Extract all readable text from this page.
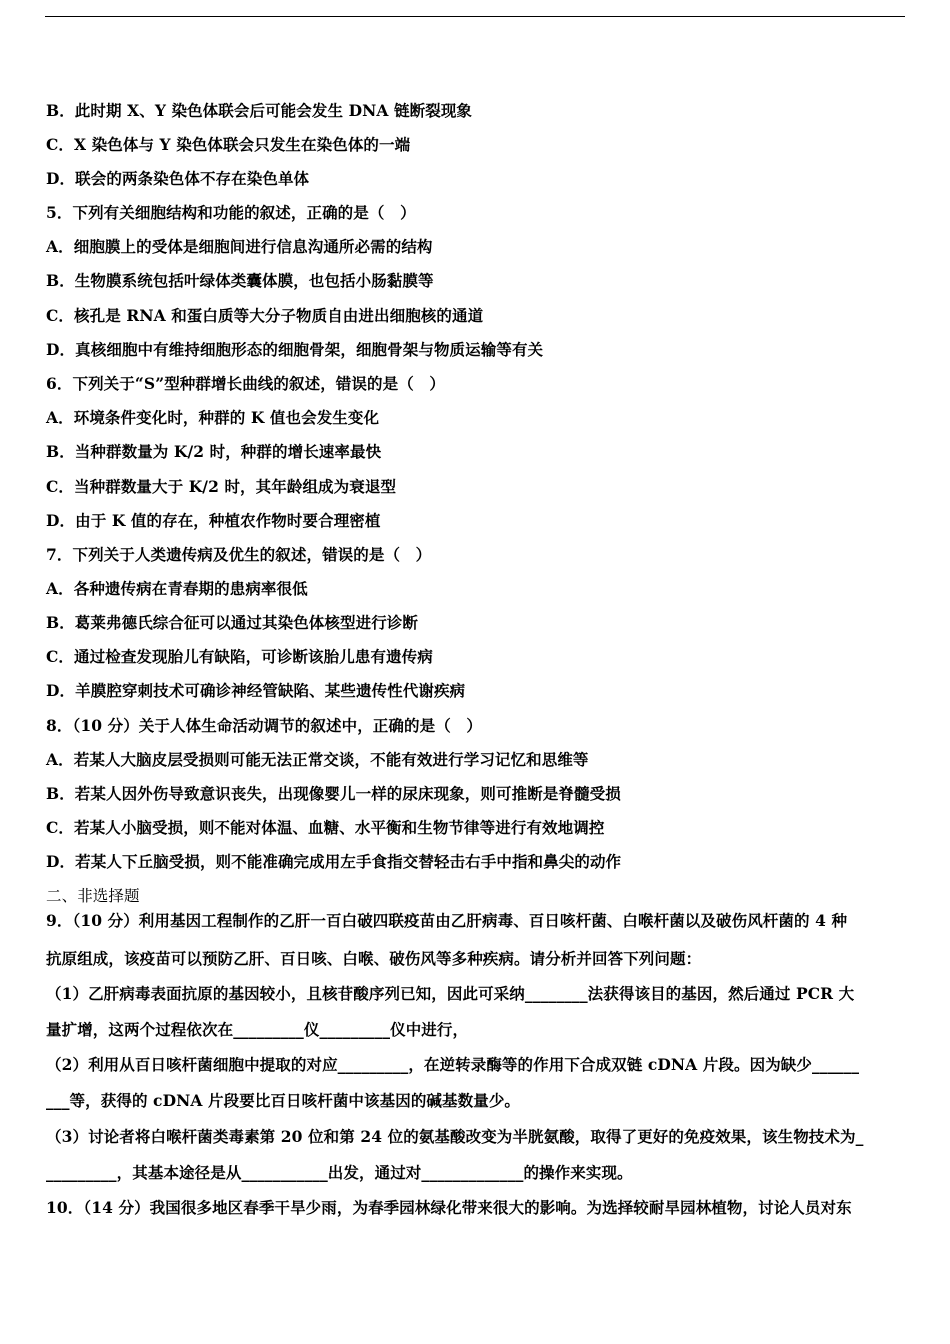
B．此时期 X、Y 染色体联会后可能会发生 DNA 链断裂现象
C．X 染色体与 Y 染色体联会只发生在染色体的一端
D．联会的两条染色体不存在染色单体
5．下列有关细胞结构和功能的叙述，正确的是（　）
A．细胞膜上的受体是细胞间进行信息沟通所必需的结构
B．生物膜系统包括叶绿体类囊体膜，也包括小肠黏膜等
C．核孔是 RNA 和蛋白质等大分子物质自由进出细胞核的通道
D．真核细胞中有维持细胞形态的细胞骨架，细胞骨架与物质运输等有关
6．下列关于“S”型种群增长曲线的叙述，错误的是（　）
A．环境条件变化时，种群的 K 值也会发生变化
B．当种群数量为 K/2 时，种群的增长速率最快
C．当种群数量大于 K/2 时，其年龄组成为衰退型
D．由于 K 值的存在，种植农作物时要合理密植
7．下列关于人类遗传病及优生的叙述，错误的是（　）
A．各种遗传病在青春期的患病率很低
B．葛莱弗德氏综合征可以通过其染色体核型进行诊断
C．通过检查发现胎儿有缺陷，可诊断该胎儿患有遗传病
D．羊膜腔穿刺技术可确诊神经管缺陷、某些遗传性代谢疾病
8．（10 分）关于人体生命活动调节的叙述中，正确的是（　）
A．若某人大脑皮层受损则可能无法正常交谈，不能有效进行学习记忆和思维等
B．若某人因外伤导致意识丧失，出现像婴儿一样的尿床现象，则可推断是脊髓受损
C．若某人小脑受损，则不能对体温、血糖、水平衡和生物节律等进行有效地调控
D．若某人下丘脑受损，则不能准确完成用左手食指交替轻击右手中指和鼻尖的动作
二、非选择题
9．（10 分）利用基因工程制作的乙肝一百白破四联疫苗由乙肝病毒、百日咳杆菌、白喉杆菌以及破伤风杆菌的 4 种
抗原组成，该疫苗可以预防乙肝、百日咳、白喉、破伤风等多种疾病。请分析并回答下列问题：
（1）乙肝病毒表面抗原的基因较小，且核苷酸序列已知，因此可采纳________法获得该目的基因，然后通过 PCR 大
量扩增，这两个过程依次在_________仪_________仪中进行，
（2）利用从百日咳杆菌细胞中提取的对应_________，在逆转录酶等的作用下合成双链 cDNA 片段。因为缺少______
___等，获得的 cDNA 片段要比百日咳杆菌中该基因的碱基数量少。
（3）讨论者将白喉杆菌类毒素第 20 位和第 24 位的氨基酸改变为半胱氨酸，取得了更好的免疫效果，该生物技术为_
_________，其基本途径是从___________出发，通过对_____________的操作来实现。
10．（14 分）我国很多地区春季干旱少雨，为春季园林绿化带来很大的影响。为选择较耐旱园林植物，讨论人员对东
